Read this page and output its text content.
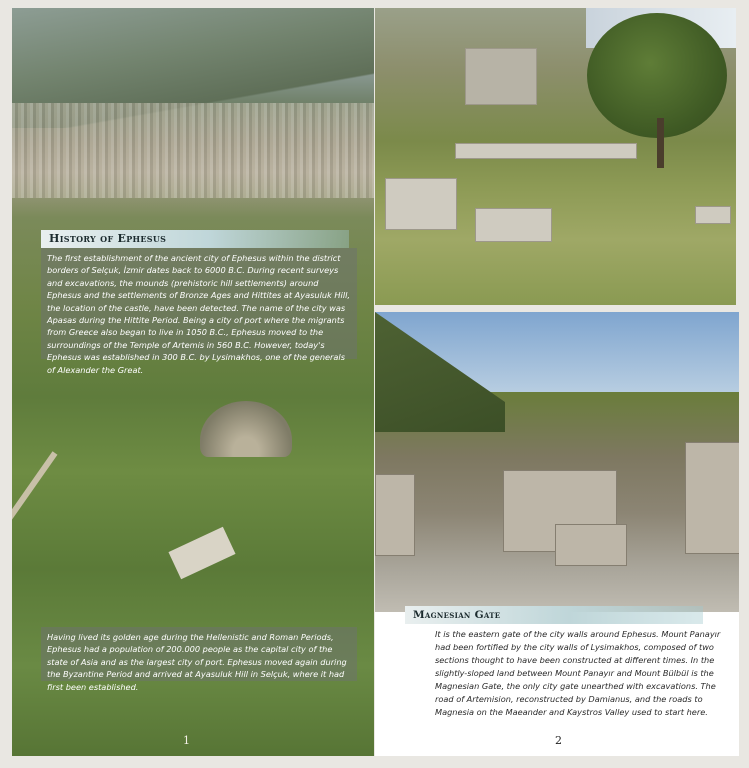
History of Ephesus
The first establishment of the ancient city of Ephesus within the district borders of Selçuk, İzmir dates back to 6000 B.C. During recent surveys and excavations, the mounds (prehistoric hill settlements) around Ephesus and the settlements of Bronze Ages and Hittites at Ayasuluk Hill, the location of the castle, have been detected. The name of the city was Apasas during the Hittite Period. Being a city of port where the migrants from Greece also began to live in 1050 B.C., Ephesus moved to the surroundings of the Temple of Artemis in 560 B.C. However, today's Ephesus was established in 300 B.C. by Lysimakhos, one of the generals of Alexander the Great.
Having lived its golden age during the Hellenistic and Roman Periods, Ephesus had a population of 200.000 people as the capital city of the state of Asia and as the largest city of port. Ephesus moved again during the Byzantine Period and arrived at Ayasuluk Hill in Selçuk, where it had first been established.
1
Magnesian Gate
It is the eastern gate of the city walls around Ephesus. Mount Panayır had been fortified by the city walls of Lysimakhos, composed of two sections thought to have been constructed at different times. In the slightly-sloped land between Mount Panayır and Mount Bülbül is the Magnesian Gate, the only city gate unearthed with excavations. The road of Artemision, reconstructed by Damianus, and the roads to Magnesia on the Maeander and Kaystros Valley used to start here.
2
